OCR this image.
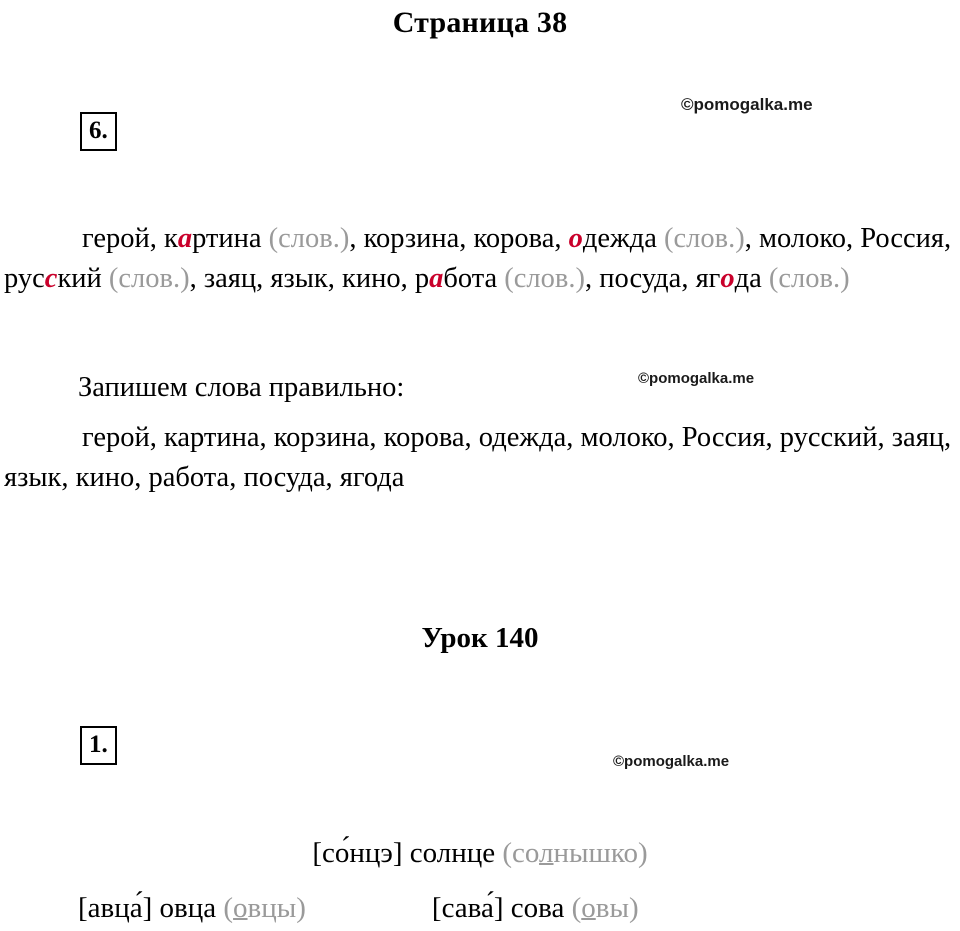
Страница 38
©pomogalka.me
6.
герой, картина (слов.), корзина, корова, одежда (слов.), молоко, Россия, русский (слов.), заяц, язык, кино, работа (слов.), посуда, ягода (слов.)
Запишем слова правильно:	©pomogalka.me
герой, картина, корзина, корова, одежда, молоко, Россия, русский, заяц, язык, кино, работа, посуда, ягода
Урок 140
1.
©pomogalka.me
[со́нцэ] солнце (солнышко)
[авца́] овца (овцы)	[сава́] сова (овы)
